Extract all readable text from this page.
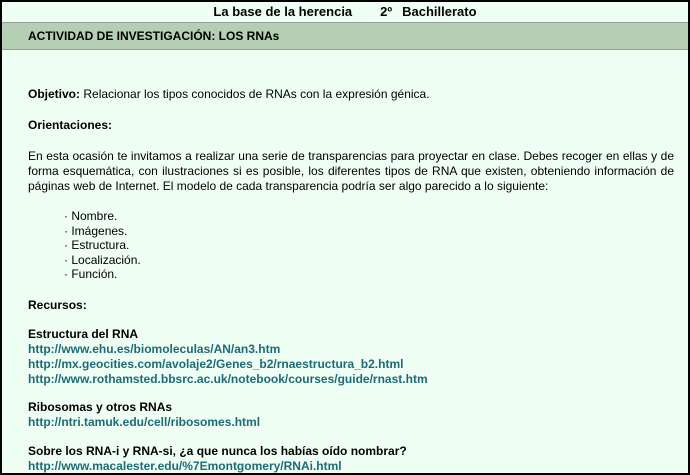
La base de la herencia 2º Bachillerato
ACTIVIDAD DE INVESTIGACIÓN: LOS RNAs
Objetivo: Relacionar los tipos conocidos de RNAs con la expresión génica.
Orientaciones:
En esta ocasión te invitamos a realizar una serie de transparencias para proyectar en clase. Debes recoger en ellas y de forma esquemática, con ilustraciones si es posible, los diferentes tipos de RNA que existen, obteniendo información de páginas web de Internet. El modelo de cada transparencia podría ser algo parecido a lo siguiente:
· Nombre.
· Imágenes.
· Estructura.
· Localización.
· Función.
Recursos:
Estructura del RNA
http://www.ehu.es/biomoleculas/AN/an3.htm
http://mx.geocities.com/avolaje2/Genes_b2/rnaestructura_b2.html
http://www.rothamsted.bbsrc.ac.uk/notebook/courses/guide/rnast.htm
Ribosomas y otros RNAs
http://ntri.tamuk.edu/cell/ribosomes.html
Sobre los RNA-i y RNA-si, ¿a que nunca los habías oído nombrar?
http://www.macalester.edu/%7Emontgomery/RNAi.html
